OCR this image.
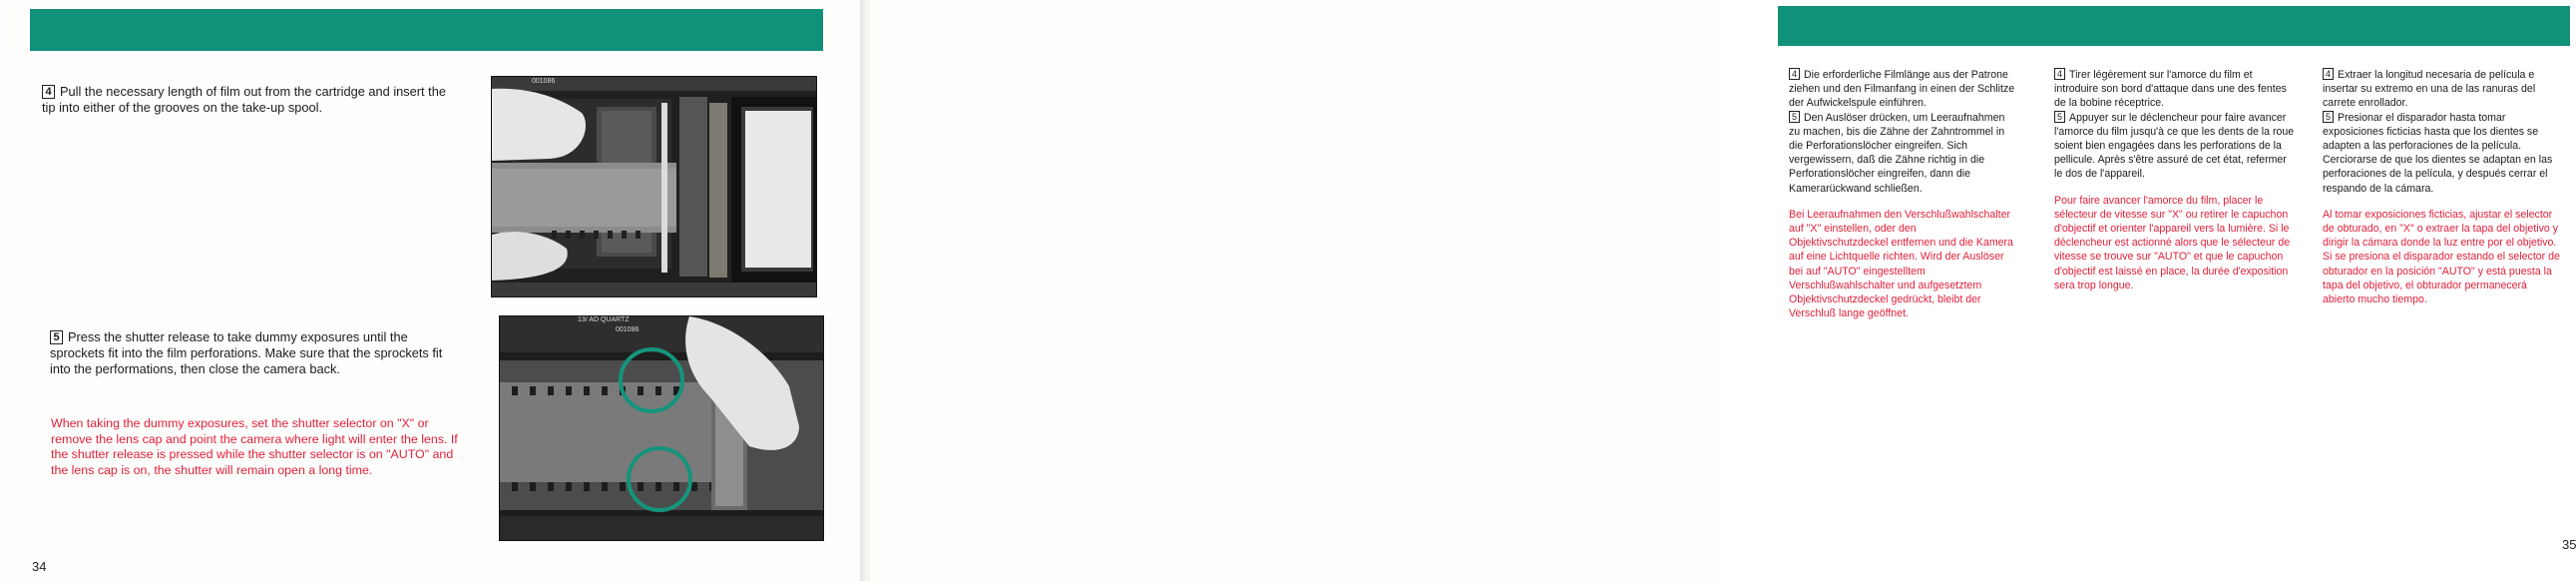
4 Pull the necessary length of film out from the cartridge and insert the tip into either of the grooves on the take-up spool.
5 Press the shutter release to take dummy exposures until the sprockets fit into the film perforations. Make sure that the sprockets fit into the performations, then close the camera back.
When taking the dummy exposures, set the shutter selector on "X" or remove the lens cap and point the camera where light will enter the lens. If the shutter release is pressed while the shutter selector is on "AUTO" and the lens cap is on, the shutter will remain open a long time.
34
001086
13/ AD QUARTZ
001086

4 Die erforderliche Filmlänge aus der Patrone ziehen und den Filmanfang in einen der Schlitze der Aufwickelspule einführen.

5 Den Auslöser drücken, um Leeraufnahmen zu machen, bis die Zähne der Zahntrommel in die Perforationslöcher eingreifen. Sich vergewissern, daß die Zähne richtig in die Perforationslöcher eingreifen, dann die Kamerarückwand schließen.

Bei Leeraufnahmen den Verschlußwahlschalter auf "X" einstellen, oder den Objektivschutzdeckel entfernen und die Kamera auf eine Lichtquelle richten. Wird der Auslöser bei auf "AUTO" eingestelltem Verschlußwahlschalter und aufgesetztem Objektivschutzdeckel gedrückt, bleibt der Verschluß lange geöffnet.

4 Tirer légèrement sur l'amorce du film et introduire son bord d'attaque dans une des fentes de la bobine réceptrice.

5 Appuyer sur le déclencheur pour faire avancer l'amorce du film jusqu'à ce que les dents de la roue soient bien engagées dans les perforations de la pellicule. Après s'être assuré de cet état, refermer le dos de l'appareil.

Pour faire avancer l'amorce du film, placer le sélecteur de vitesse sur "X" ou retirer le capuchon d'objectif et orienter l'appareil vers la lumière. Si le déclencheur est actionné alors que le sélecteur de vitesse se trouve sur "AUTO" et que le capuchon d'objectif est laissé en place, la durée d'exposition sera trop longue.

4 Extraer la longitud necesaria de película e insertar su extremo en una de las ranuras del carrete enrollador.

5 Presionar el disparador hasta tomar exposiciones ficticias hasta que los dientes se adapten a las perforaciones de la película. Cerciorarse de que los dientes se adaptan en las perforaciones de la película, y después cerrar el respando de la cámara.

Al tomar exposiciones ficticias, ajustar el selector de obturado, en "X" o extraer la tapa del objetivo y dirigir la cámara donde la luz entre por el objetivo. Si se presiona el disparador estando el selector de obturador en la posición "AUTO" y está puesta la tapa del objetivo, el obturador permanecerá abierto mucho tiempo.

35
